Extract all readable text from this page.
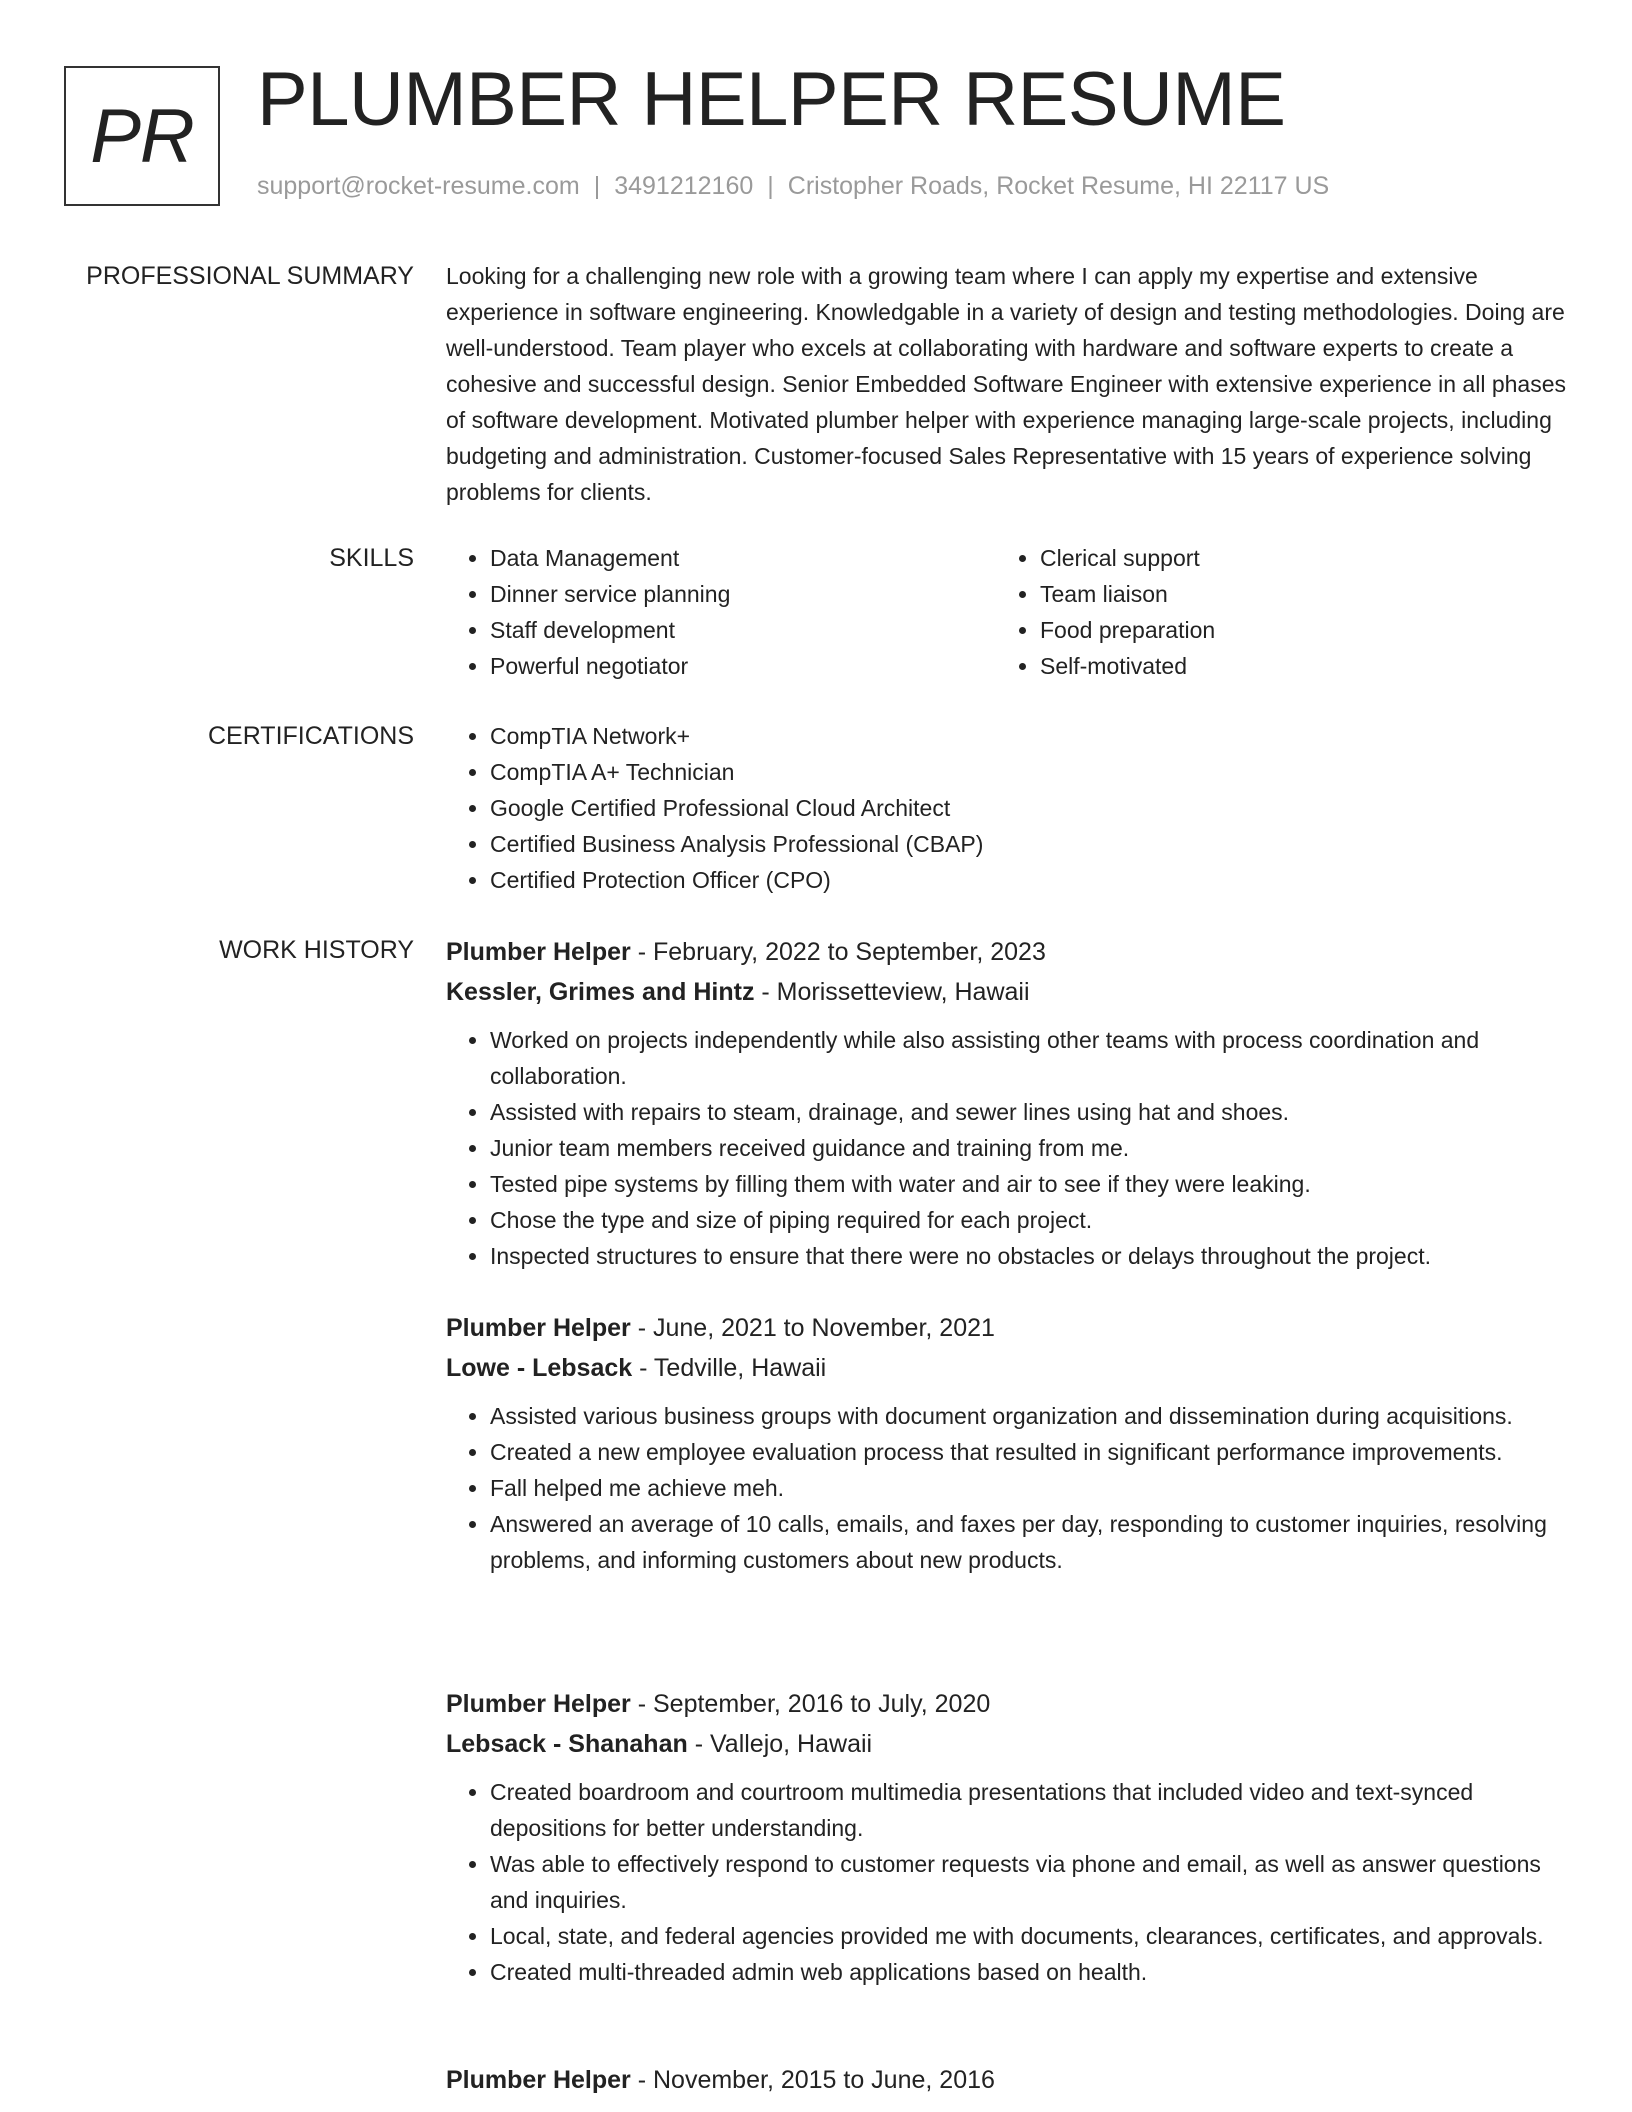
PR PLUMBER HELPER RESUME
support@rocket-resume.com | 3491212160 | Cristopher Roads, Rocket Resume, HI 22117 US
PROFESSIONAL SUMMARY Looking for a challenging new role with a growing team where I can apply my expertise and extensive experience in software engineering. Knowledgable in a variety of design and testing methodologies. Doing are well-understood. Team player who excels at collaborating with hardware and software experts to create a cohesive and successful design. Senior Embedded Software Engineer with extensive experience in all phases of software development. Motivated plumber helper with experience managing large-scale projects, including budgeting and administration. Customer-focused Sales Representative with 15 years of experience solving problems for clients.

SKILLS	• Data Management
• Dinner service planning
• Staff development
• Powerful negotiator
• Clerical support
• Team liaison
• Food preparation
• Self-motivated
CERTIFICATIONS	• CompTIA Network+
• CompTIA A+ Technician
• Google Certified Professional Cloud Architect
• Certified Business Analysis Professional (CBAP)
• Certified Protection Officer (CPO)
WORK HISTORY Plumber Helper - February, 2022 to September, 2023
Kessler, Grimes and Hintz - Morissetteview, Hawaii
• Worked on projects independently while also assisting other teams with process coordination and collaboration.
• Assisted with repairs to steam, drainage, and sewer lines using hat and shoes.
• Junior team members received guidance and training from me.
• Tested pipe systems by filling them with water and air to see if they were leaking.
• Chose the type and size of piping required for each project.
• Inspected structures to ensure that there were no obstacles or delays throughout the project.
Plumber Helper - June, 2021 to November, 2021
Lowe - Lebsack - Tedville, Hawaii
• Assisted various business groups with document organization and dissemination during acquisitions.
• Created a new employee evaluation process that resulted in significant performance improvements.
• Fall helped me achieve meh.
• Answered an average of 10 calls, emails, and faxes per day, responding to customer inquiries, resolving problems, and informing customers about new products.
Plumber Helper - September, 2016 to July, 2020
Lebsack - Shanahan - Vallejo, Hawaii
• Created boardroom and courtroom multimedia presentations that included video and text-synced depositions for better understanding.
• Was able to effectively respond to customer requests via phone and email, as well as answer questions and inquiries.
• Local, state, and federal agencies provided me with documents, clearances, certificates, and approvals.
• Created multi-threaded admin web applications based on health.
Plumber Helper - November, 2015 to June, 2016
